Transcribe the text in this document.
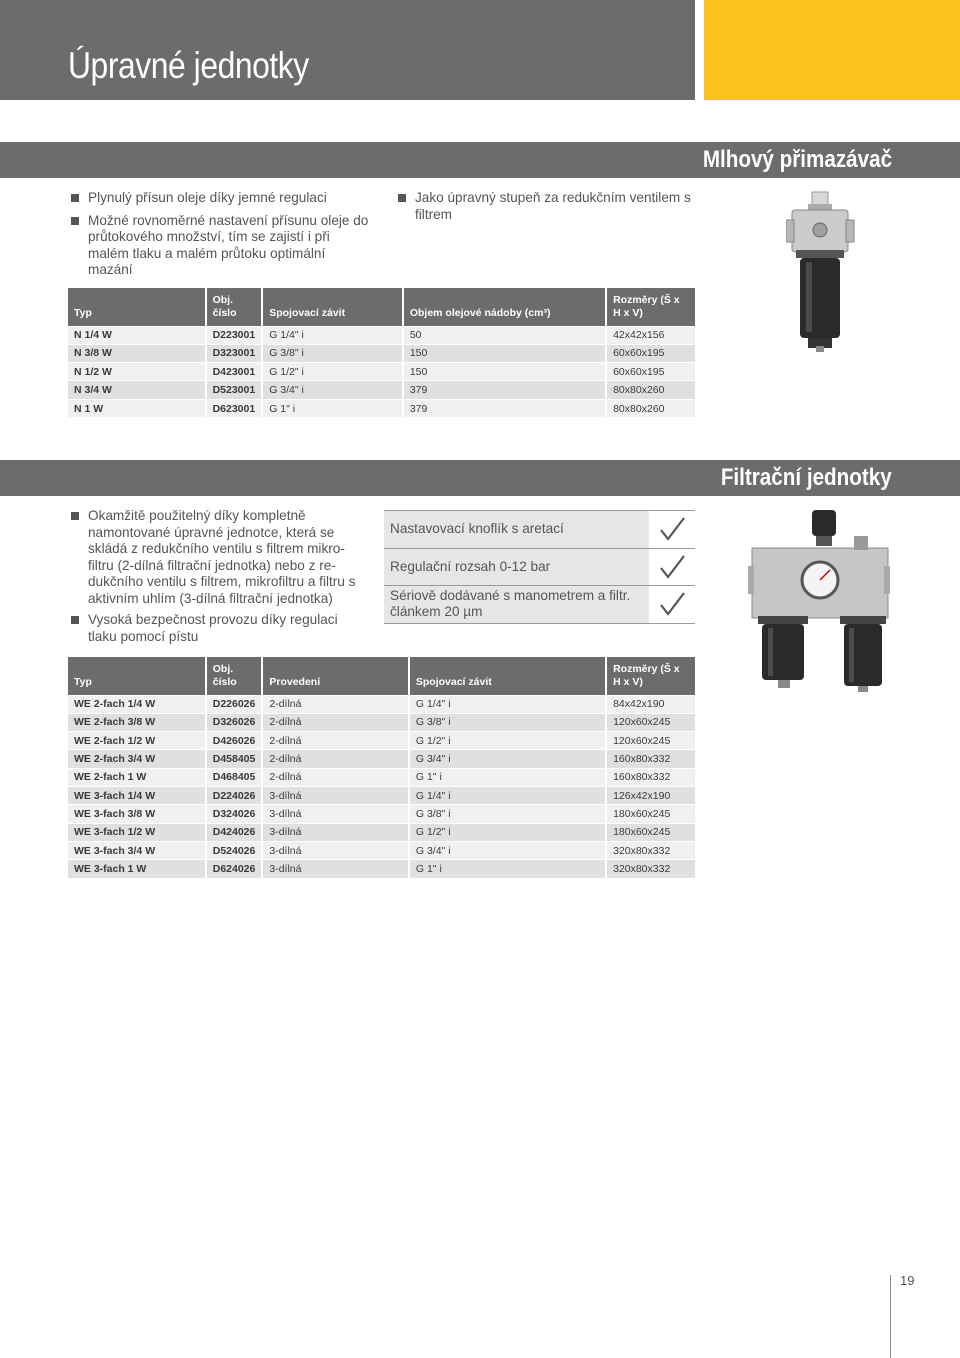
Úpravné jednotky
Mlhový přimazávač
Plynulý přísun oleje díky jemné regulaci
Možné rovnoměrné nastavení přísunu oleje do průtokového množství, tím se zajistí i při malém tlaku a malém průtoku optimální mazání
Jako úpravný stupeň za redukčním ventilem s filtrem
Typ	Obj. číslo	Spojovací závit	Objem olejové nádoby (cm³)	Rozměry (Š x H x V)
N 1/4 W	D223001	G 1/4" i	50	42x42x156
N 3/8 W	D323001	G 3/8" i	150	60x60x195
N 1/2 W	D423001	G 1/2" i	150	60x60x195
N 3/4 W	D523001	G 3/4" i	379	80x80x260
N 1 W	D623001	G 1" i	379	80x80x260
Filtrační jednotky
Okamžitě použitelný díky kompletně namontované úpravné jednotce, která se skládá z redukčního ventilu s filtrem mikro-filtru (2-dílná filtrační jednotka) nebo z re-dukčního ventilu s filtrem, mikrofiltru a filtru s aktivním uhlím (3-dílná filtrační jednotka)
Vysoká bezpečnost provozu díky regulaci tlaku pomocí pístu
Nastavovací knoflík s aretací
Regulační rozsah 0-12 bar
Sériově dodávané s manometrem a filtr. článkem 20 µm
Typ	Obj. číslo	Provedení	Spojovací závit	Rozměry (Š x H x V)
WE 2-fach 1/4 W	D226026	2-dílná	G 1/4" i	84x42x190
WE 2-fach 3/8 W	D326026	2-dílná	G 3/8" i	120x60x245
WE 2-fach 1/2 W	D426026	2-dílná	G 1/2" i	120x60x245
WE 2-fach 3/4 W	D458405	2-dílná	G 3/4" i	160x80x332
WE 2-fach 1 W	D468405	2-dílná	G 1" i	160x80x332
WE 3-fach 1/4 W	D224026	3-dílná	G 1/4" i	126x42x190
WE 3-fach 3/8 W	D324026	3-dílná	G 3/8" i	180x60x245
WE 3-fach 1/2 W	D424026	3-dílná	G 1/2" i	180x60x245
WE 3-fach 3/4 W	D524026	3-dílná	G 3/4" i	320x80x332
WE 3-fach 1 W	D624026	3-dílná	G 1" i	320x80x332
19
